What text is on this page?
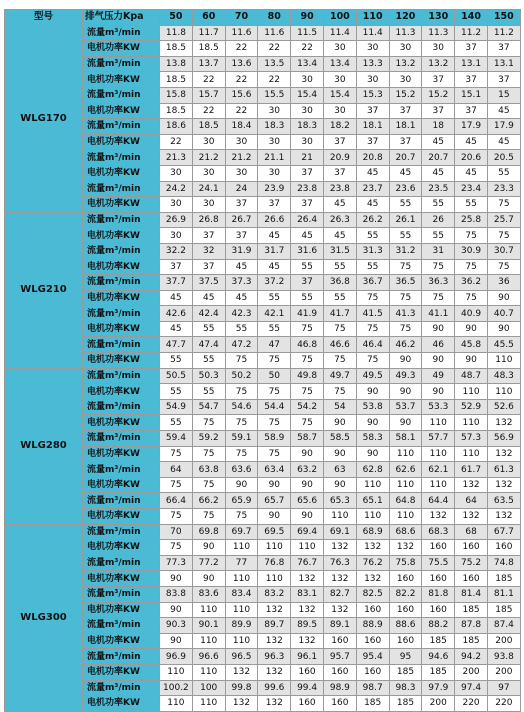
型号	排气压力Kpa	50	60	70	80	90	100	110	120	130	140	150
WLG170	流量m³/min	11.8	11.7	11.6	11.6	11.5	11.4	11.4	11.3	11.3	11.2	11.2
	电机功率KW	18.5	18.5	22	22	22	30	30	30	30	37	37
	流量m³/min	13.8	13.7	13.6	13.5	13.4	13.4	13.3	13.2	13.2	13.1	13.1
	电机功率KW	18.5	22	22	22	30	30	30	30	37	37	37
	流量m³/min	15.8	15.7	15.6	15.5	15.4	15.4	15.3	15.2	15.2	15.1	15
	电机功率KW	18.5	22	22	30	30	30	37	37	37	37	45
	流量m³/min	18.6	18.5	18.4	18.3	18.3	18.2	18.1	18.1	18	17.9	17.9
	电机功率KW	22	30	30	30	30	37	37	37	45	45	45
	流量m³/min	21.3	21.2	21.2	21.1	21	20.9	20.8	20.7	20.7	20.6	20.5
	电机功率KW	30	30	30	30	37	37	45	45	45	45	55
	流量m³/min	24.2	24.1	24	23.9	23.8	23.8	23.7	23.6	23.5	23.4	23.3
	电机功率KW	30	30	37	37	37	45	45	55	55	55	75
WLG210	流量m³/min	26.9	26.8	26.7	26.6	26.4	26.3	26.2	26.1	26	25.8	25.7
	电机功率KW	30	37	37	45	45	45	55	55	55	75	75
	流量m³/min	32.2	32	31.9	31.7	31.6	31.5	31.3	31.2	31	30.9	30.7
	电机功率KW	37	37	45	45	55	55	55	75	75	75	75
	流量m³/min	37.7	37.5	37.3	37.2	37	36.8	36.7	36.5	36.3	36.2	36
	电机功率KW	45	45	45	55	55	55	75	75	75	75	90
	流量m³/min	42.6	42.4	42.3	42.1	41.9	41.7	41.5	41.3	41.1	40.9	40.7
	电机功率KW	45	55	55	55	75	75	75	75	90	90	90
	流量m³/min	47.7	47.4	47.2	47	46.8	46.6	46.4	46.2	46	45.8	45.5
	电机功率KW	55	55	75	75	75	75	75	90	90	90	110
WLG280	流量m³/min	50.5	50.3	50.2	50	49.8	49.7	49.5	49.3	49	48.7	48.3
	电机功率KW	55	55	75	75	75	75	90	90	90	110	110
	流量m³/min	54.9	54.7	54.6	54.4	54.2	54	53.8	53.7	53.3	52.9	52.6
	电机功率KW	55	75	75	75	75	90	90	90	110	110	132
	流量m³/min	59.4	59.2	59.1	58.9	58.7	58.5	58.3	58.1	57.7	57.3	56.9
	电机功率KW	75	75	75	75	90	90	90	110	110	110	132
	流量m³/min	64	63.8	63.6	63.4	63.2	63	62.8	62.6	62.1	61.7	61.3
	电机功率KW	75	75	90	90	90	90	110	110	110	132	132
	流量m³/min	66.4	66.2	65.9	65.7	65.6	65.3	65.1	64.8	64.4	64	63.5
	电机功率KW	75	75	75	90	90	110	110	110	132	132	132
WLG300	流量m³/min	70	69.8	69.7	69.5	69.4	69.1	68.9	68.6	68.3	68	67.7
	电机功率KW	75	90	110	110	110	132	132	132	160	160	160
	流量m³/min	77.3	77.2	77	76.8	76.7	76.3	76.2	75.8	75.5	75.2	74.8
	电机功率KW	90	90	110	110	132	132	132	160	160	160	185
	流量m³/min	83.8	83.6	83.4	83.2	83.1	82.7	82.5	82.2	81.8	81.4	81.1
	电机功率KW	90	110	110	132	132	132	160	160	160	185	185
	流量m³/min	90.3	90.1	89.9	89.7	89.5	89.1	88.9	88.6	88.2	87.8	87.4
	电机功率KW	90	110	110	132	132	160	160	160	185	185	200
	流量m³/min	96.9	96.6	96.5	96.3	96.1	95.7	95.4	95	94.6	94.2	93.8
	电机功率KW	110	110	132	132	160	160	160	185	185	200	200
	流量m³/min	100.2	100	99.8	99.6	99.4	98.9	98.7	98.3	97.9	97.4	97
	电机功率KW	110	110	132	132	160	160	185	185	200	220	220
